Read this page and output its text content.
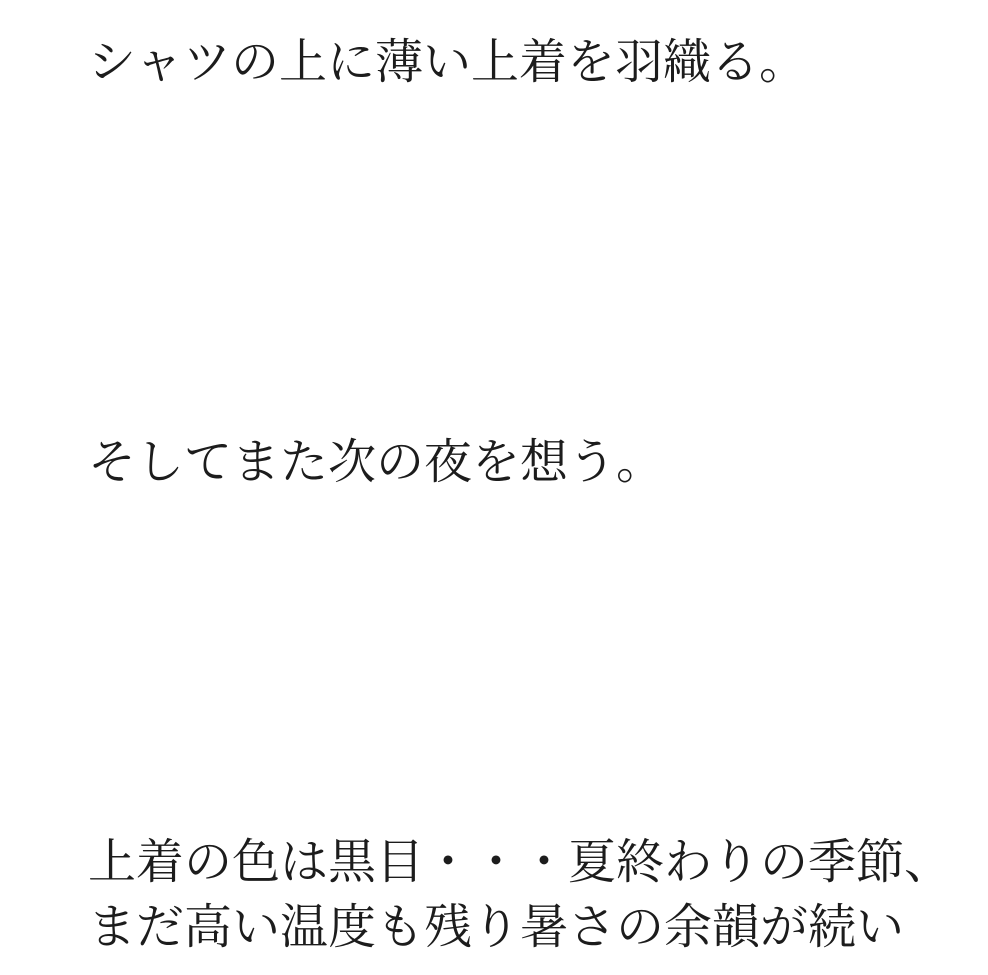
シャツの上に薄い上着を羽織る。

そしてまた次の夜を想う。

上着の色は黒目・・・夏終わりの季節、
まだ高い温度も残り暑さの余韻が続い
